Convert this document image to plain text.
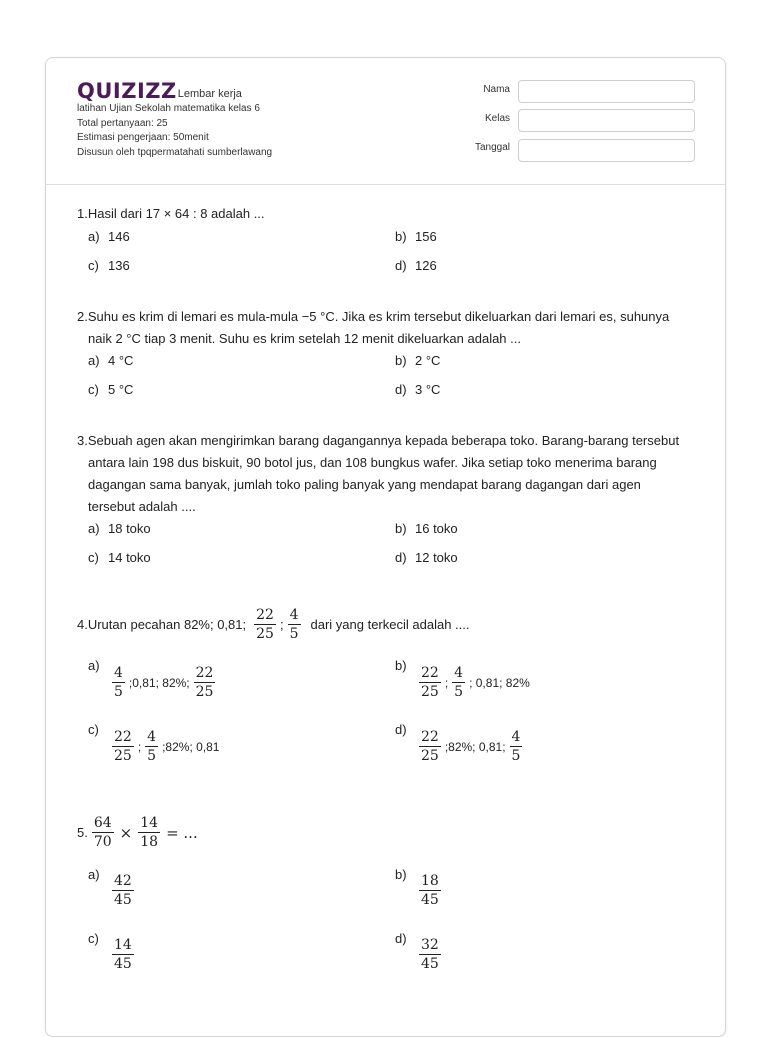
QUIZIZZ Lembar kerja
latihan Ujian Sekolah matematika kelas 6
Total pertanyaan: 25
Estimasi pengerjaan: 50menit
Disusun oleh tpqpermatahati sumberlawang
Nama
Kelas
Tanggal
1.Hasil dari 17 × 64 : 8 adalah ...
a) 146	b) 156
c) 136	d) 126
2.Suhu es krim di lemari es mula-mula −5 °C. Jika es krim tersebut dikeluarkan dari lemari es, suhunya
naik 2 °C tiap 3 menit. Suhu es krim setelah 12 menit dikeluarkan adalah ...
a) 4 °C	b) 2 °C
c) 5 °C	d) 3 °C
3.Sebuah agen akan mengirimkan barang dagangannya kepada beberapa toko. Barang-barang tersebut
antara lain 198 dus biskuit, 90 botol jus, dan 108 bungkus wafer. Jika setiap toko menerima barang
dagangan sama banyak, jumlah toko paling banyak yang mendapat barang dagangan dari agen
tersebut adalah ....
a) 18 toko	b) 16 toko
c) 14 toko	d) 12 toko
4.Urutan pecahan 82%; 0,81; $\frac{22}{25}$ ; $\frac{4}{5}$ dari yang terkecil adalah ....
$a) \frac{4}{5}$ ;0,81; 82%; $\frac{22}{25}$	$b) \frac{22}{25}$ ; $\frac{4}{5}$ ; 0,81; 82%
$c) \frac{22}{25}$ ; $\frac{4}{5}$ ;82%; 0,81
$d) \frac{22}{25}$ ;82%; 0,81; $\frac{4}{5}$
5. $\frac{64}{70} \times \frac{14}{18}$ = ...
$a) \frac{42}{45}$	$b) \frac{18}{45}$
$c) \frac{14}{45}$	$d) \frac{32}{45}$
